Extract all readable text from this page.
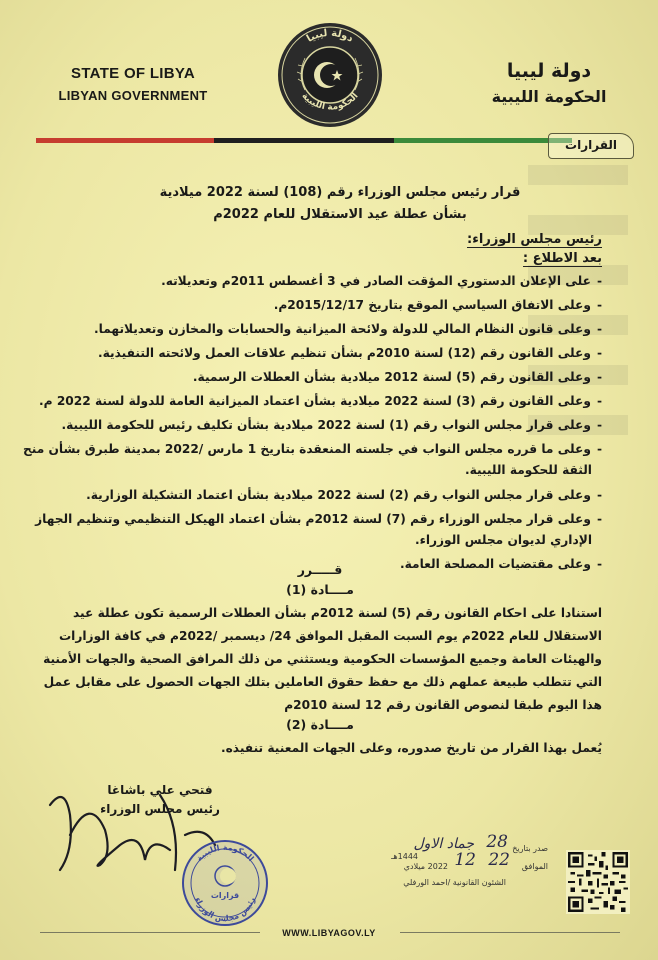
STATE OF LIBYA
LIBYAN GOVERNMENT
دولة ليبيا
الحكومة الليبية
دولة ليبيا
الحكومة الليبية
القرارات
قرار رئيس مجلس الوزراء رقم (108) لسنة 2022 ميلادية
بشأن عطلة عيد الاستقلال للعام 2022م
رئيس مجلس الوزراء:
بعد الاطلاع :
-على الإعلان الدستوري المؤقت الصادر في 3 أغسطس 2011م وتعديلاته.
-وعلى الاتفاق السياسي الموقع بتاريخ 2015/12/17م.
-وعلى قانون النظام المالي للدولة ولائحة الميزانية والحسابات والمخازن وتعديلاتهما.
-وعلى القانون رقم (12) لسنة 2010م بشأن تنظيم علاقات العمل ولائحته التنفيذية.
-وعلى القانون رقم (5) لسنة 2012 ميلادية بشأن العطلات الرسمية.
-وعلى القانون رقم (3) لسنة 2022 ميلادية بشأن اعتماد الميزانية العامة للدولة لسنة 2022 م.
-وعلى قرار مجلس النواب رقم (1) لسنة 2022 ميلادية بشأن تكليف رئيس للحكومة الليبية.
-وعلى ما قرره مجلس النواب في جلسته المنعقدة بتاريخ 1 مارس /2022 بمدينة طبرق بشأن منح
الثقة للحكومة الليبية.
-وعلى قرار مجلس النواب رقم (2) لسنة 2022 ميلادية بشأن اعتماد التشكيلة الوزارية.
-وعلى قرار مجلس الوزراء رقم (7) لسنة 2012م بشأن اعتماد الهيكل التنظيمي وتنظيم الجهاز
الإداري لديوان مجلس الوزراء.
-وعلى مقتضيات المصلحة العامة.
قـــــرر
مــــادة (1)
استنادا على احكام القانون رقم (5) لسنة 2012م بشأن العطلات الرسمية تكون عطلة عيد
الاستقلال للعام 2022م يوم السبت المقبل الموافق 24/ ديسمبر /2022م في كافة الوزارات
والهيئات العامة وجميع المؤسسات الحكومية ويستثني من ذلك المرافق الصحية والجهات الأمنية
التي تتطلب طبيعة عملهم ذلك مع حفظ حقوق العاملين بتلك الجهات الحصول على مقابل عمل
هذا اليوم طبقا لنصوص القانون رقم 12 لسنة 2010م
مــــادة (2)
يُعمل بهذا القرار من تاريخ صدوره، وعلى الجهات المعنية تنفيذه.
فتحي علي باشاغا
رئيس مجلس الوزراء
الحكومة الليبية
قرارات
رئيس مجلس الوزراء
صدر بتاريخ
28
جماد الاول
1444هـ
الموافق
22
12
2022 ميلادي
الشئون القانونية /احمد الورفلي
WWW.LIBYAGOV.LY
